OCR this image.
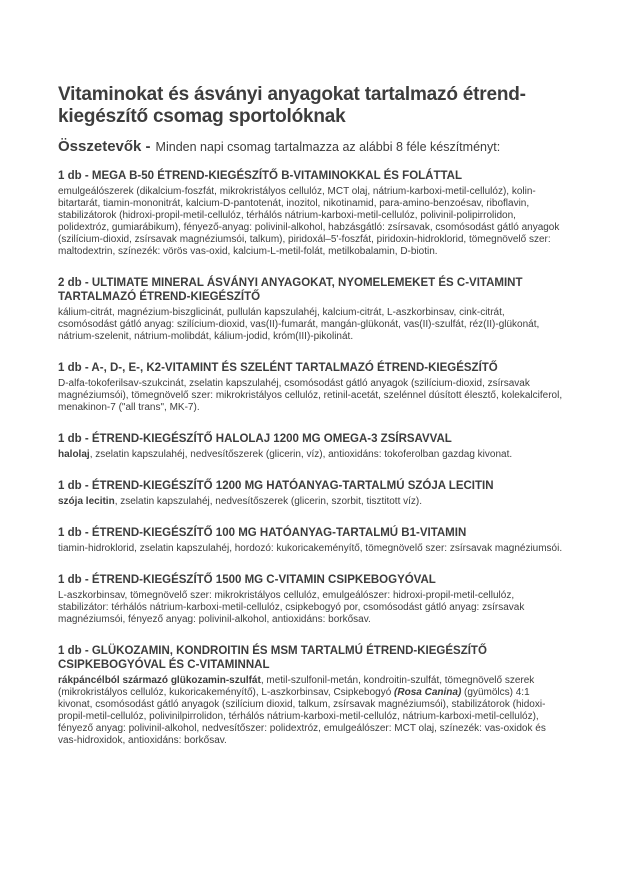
Vitaminokat és ásványi anyagokat tartalmazó étrend-kiegészítő csomag sportolóknak

Összetevők - Minden napi csomag tartalmazza az alábbi 8 féle készítményt:

1 db - MEGA B-50 ÉTREND-KIEGÉSZÍTŐ B-VITAMINOKKAL ÉS FOLÁTTAL

emulgeálószerek (dikalcium-foszfát, mikrokristályos cellulóz, MCT olaj, nátrium-karboxi-metil-cellulóz), kolin-bitartarát, tiamin-mononitrát, kalcium-D-pantotenát, inozitol, nikotinamid, para-amino-benzoésav, riboflavin, stabilizátorok (hidroxi-propil-metil-cellulóz, térhálós nátrium-karboxi-metil-cellulóz, polivinil-polipirrolidon, polidextróz, gumiarábikum), fényező-anyag: polivinil-alkohol, habzásgátló: zsírsavak, csomósodást gátló anyagok (szilícium-dioxid, zsírsavak magnéziumsói, talkum), piridoxál–5'-foszfát, piridoxin-hidroklorid, tömegnövelő szer: maltodextrin, színezék: vörös vas-oxid, kalcium-L-metil-folát, metilkobalamin, D-biotin.

2 db - ULTIMATE MINERAL ÁSVÁNYI ANYAGOKAT, NYOMELEMEKET ÉS C-VITAMINT TARTALMAZÓ ÉTREND-KIEGÉSZÍTŐ

kálium-citrát, magnézium-biszglicinát, pullulán kapszulahéj, kalcium-citrát, L-aszkorbinsav, cink-citrát, csomósodást gátló anyag: szilícium-dioxid, vas(II)-fumarát, mangán-glükonát, vas(II)-szulfát, réz(II)-glükonát, nátrium-szelenit, nátrium-molibdát, kálium-jodid, króm(III)-pikolinát.

1 db - A-, D-, E-, K2-VITAMINT ÉS SZELÉNT TARTALMAZÓ ÉTREND-KIEGÉSZÍTŐ

D-alfa-tokoferilsav-szukcinát, zselatin kapszulahéj, csomósodást gátló anyagok (szilícium-dioxid, zsírsavak magnéziumsói), tömegnövelő szer: mikrokristályos cellulóz, retinil-acetát, szelénnel dúsított élesztő, kolekalciferol, menakinon-7 ("all trans", MK-7).

1 db - ÉTREND-KIEGÉSZÍTŐ HALOLAJ 1200 MG OMEGA-3 ZSÍRSAVVAL

halolaj, zselatin kapszulahéj, nedvesítőszerek (glicerin, víz), antioxidáns: tokoferolban gazdag kivonat.

1 db - ÉTREND-KIEGÉSZÍTŐ 1200 MG HATÓANYAG-TARTALMÚ SZÓJA LECITIN

szója lecitin, zselatin kapszulahéj, nedvesítőszerek (glicerin, szorbit, tisztitott víz).

1 db - ÉTREND-KIEGÉSZÍTŐ 100 MG HATÓANYAG-TARTALMÚ B1-VITAMIN

tiamin-hidroklorid, zselatin kapszulahéj, hordozó: kukoricakeményítő, tömegnövelő szer: zsírsavak magnéziumsói.

1 db - ÉTREND-KIEGÉSZÍTŐ 1500 MG C-VITAMIN CSIPKEBOGYÓVAL

L-aszkorbinsav, tömegnövelő szer: mikrokristályos cellulóz, emulgeálószer: hidroxi-propil-metil-cellulóz, stabilizátor: térhálós nátrium-karboxi-metil-cellulóz, csipkebogyó por, csomósodást gátló anyag: zsírsavak magnéziumsói, fényező anyag: polivinil-alkohol, antioxidáns: borkősav.

1 db - GLÜKOZAMIN, KONDROITIN ÉS MSM TARTALMÚ ÉTREND-KIEGÉSZÍTŐ CSIPKEBOGYÓVAL ÉS C-VITAMINNAL

rákpáncélból származó glükozamin-szulfát, metil-szulfonil-metán, kondroitin-szulfát, tömegnövelő szerek (mikrokristályos cellulóz, kukoricakeményítő), L-aszkorbinsav, Csipkebogyó (Rosa Canina) (gyümölcs) 4:1 kivonat, csomósodást gátló anyagok (szilícium dioxid, talkum, zsírsavak magnéziumsói), stabilizátorok (hidoxi-propil-metil-cellulóz, polivinilpirrolidon, térhálós nátrium-karboxi-metil-cellulóz, nátrium-karboxi-metil-cellulóz), fényező anyag: polivinil-alkohol, nedvesítőszer: polidextróz, emulgeálószer: MCT olaj, színezék: vas-oxidok és vas-hidroxidok, antioxidáns: borkősav.
